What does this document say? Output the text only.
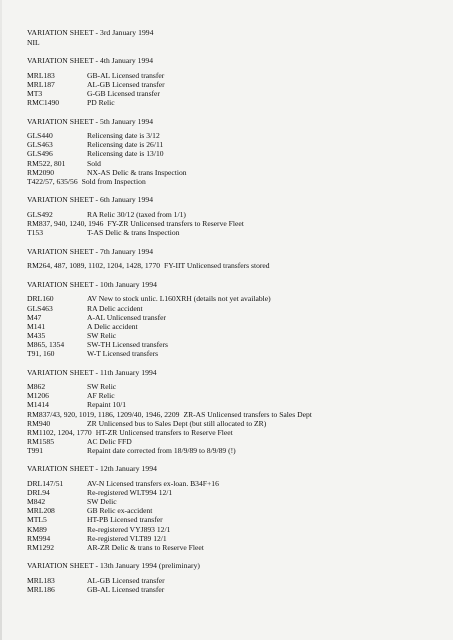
VARIATION SHEET - 3rd January 1994
NIL
VARIATION SHEET - 4th January 1994
MRL183	GB-AL Licensed transfer
MRL187	AL-GB Licensed transfer
MT3	G-GB Licensed transfer
RMC1490	PD Relic
VARIATION SHEET - 5th January 1994
GLS440	Relicensing date is 3/12
GLS463	Relicensing date is 26/11
GLS496	Relicensing date is 13/10
RM522, 801	Sold
RM2090	NX-AS Delic & trans Inspection
T422/57, 635/56 Sold from Inspection
VARIATION SHEET - 6th January 1994
GLS492	RA Relic 30/12 (taxed from 1/1)
RM837, 940, 1240, 1946 FY-ZR Unlicensed transfers to Reserve Fleet
T153	T-AS Delic & trans Inspection
VARIATION SHEET - 7th January 1994
RM264, 487, 1089, 1102, 1204, 1428, 1770 FY-IIT Unlicensed transfers stored
VARIATION SHEET - 10th January 1994
DRL160	AV New to stock unlic. L160XRH (details not yet available)
GLS463	RA Delic accident
M47	A-AL Unlicensed transfer
M141	A Delic accident
M435	SW Relic
M865, 1354	SW-TH Licensed transfers
T91, 160	W-T Licensed transfers
VARIATION SHEET - 11th January 1994
M862	SW Relic
M1206	AF Relic
M1414	Repaint 10/1
RM837/43, 920, 1019, 1186, 1209/40, 1946, 2209 ZR-AS Unlicensed transfers to Sales Dept
RM940	ZR Unlicensed bus to Sales Dept (but still allocated to ZR)
RM1102, 1204, 1770 HT-ZR Unlicensed transfers to Reserve Fleet
RM1585	AC Delic FFD
T991	Repaint date corrected from 18/9/89 to 8/9/89 (!)
VARIATION SHEET - 12th January 1994
DRL147/51	AV-N Licensed transfers ex-loan. B34F+16
DRL94	Re-registered WLT994 12/1
M842	SW Delic
MRL208	GB Relic ex-accident
MTL5	HT-PB Licensed transfer
KM89	Re-registered VYJ893 12/1
RM994	Re-registered VLT89 12/1
RM1292	AR-ZR Delic & trans to Reserve Fleet
VARIATION SHEET - 13th January 1994 (preliminary)
MRL183	AL-GB Licensed transfer
MRL186	GB-AL Licensed transfer
